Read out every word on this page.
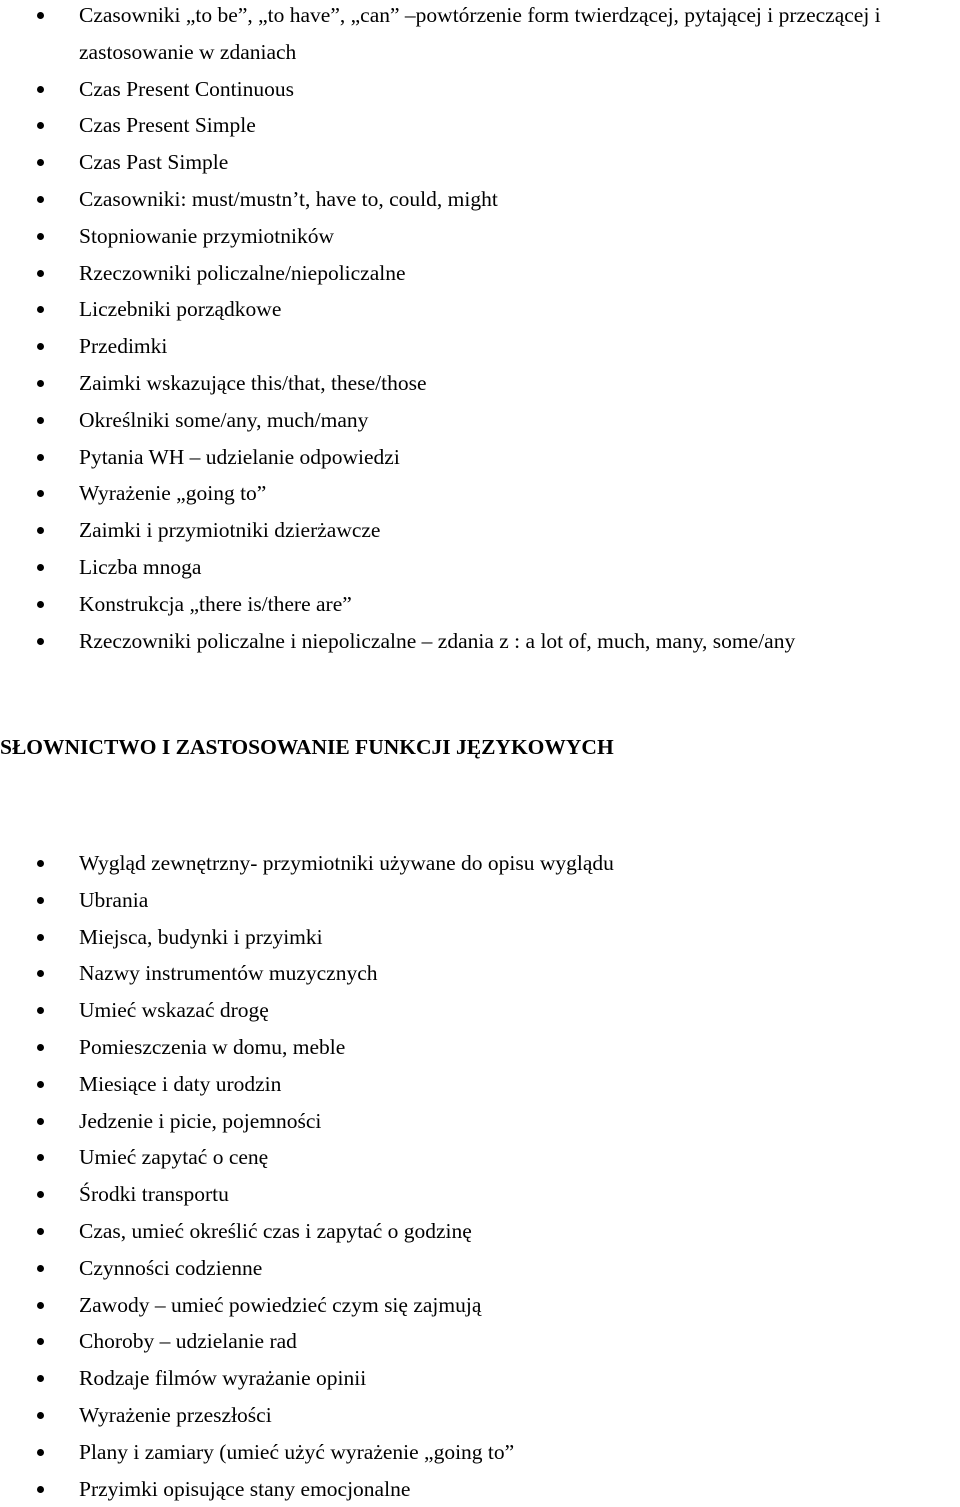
Czasowniki „to be”, „to have”, „can” –powtórzenie form twierdzącej, pytającej i przeczącej i zastosowanie w zdaniach
Czas Present Continuous
Czas Present Simple
Czas Past Simple
Czasowniki: must/mustn’t, have to, could, might
Stopniowanie przymiotników
Rzeczowniki policzalne/niepoliczalne
Liczebniki porządkowe
Przedimki
Zaimki wskazujące this/that, these/those
Określniki some/any, much/many
Pytania WH – udzielanie odpowiedzi
Wyrażenie „going to”
Zaimki i przymiotniki dzierżawcze
Liczba mnoga
Konstrukcja „there is/there are”
Rzeczowniki policzalne i niepoliczalne – zdania z : a lot of, much, many, some/any
SŁOWNICTWO I ZASTOSOWANIE FUNKCJI JĘZYKOWYCH
Wygląd zewnętrzny- przymiotniki używane do opisu wyglądu
Ubrania
Miejsca, budynki i przyimki
Nazwy instrumentów muzycznych
Umieć wskazać drogę
Pomieszczenia w domu, meble
Miesiące i daty urodzin
Jedzenie i picie, pojemności
Umieć zapytać o cenę
Środki transportu
Czas, umieć określić czas i zapytać o godzinę
Czynności codzienne
Zawody – umieć powiedzieć czym się zajmują
Choroby – udzielanie rad
Rodzaje filmów wyrażanie opinii
Wyrażenie przeszłości
Plany i zamiary (umieć użyć wyrażenie „going to”
Przyimki opisujące stany emocjonalne
